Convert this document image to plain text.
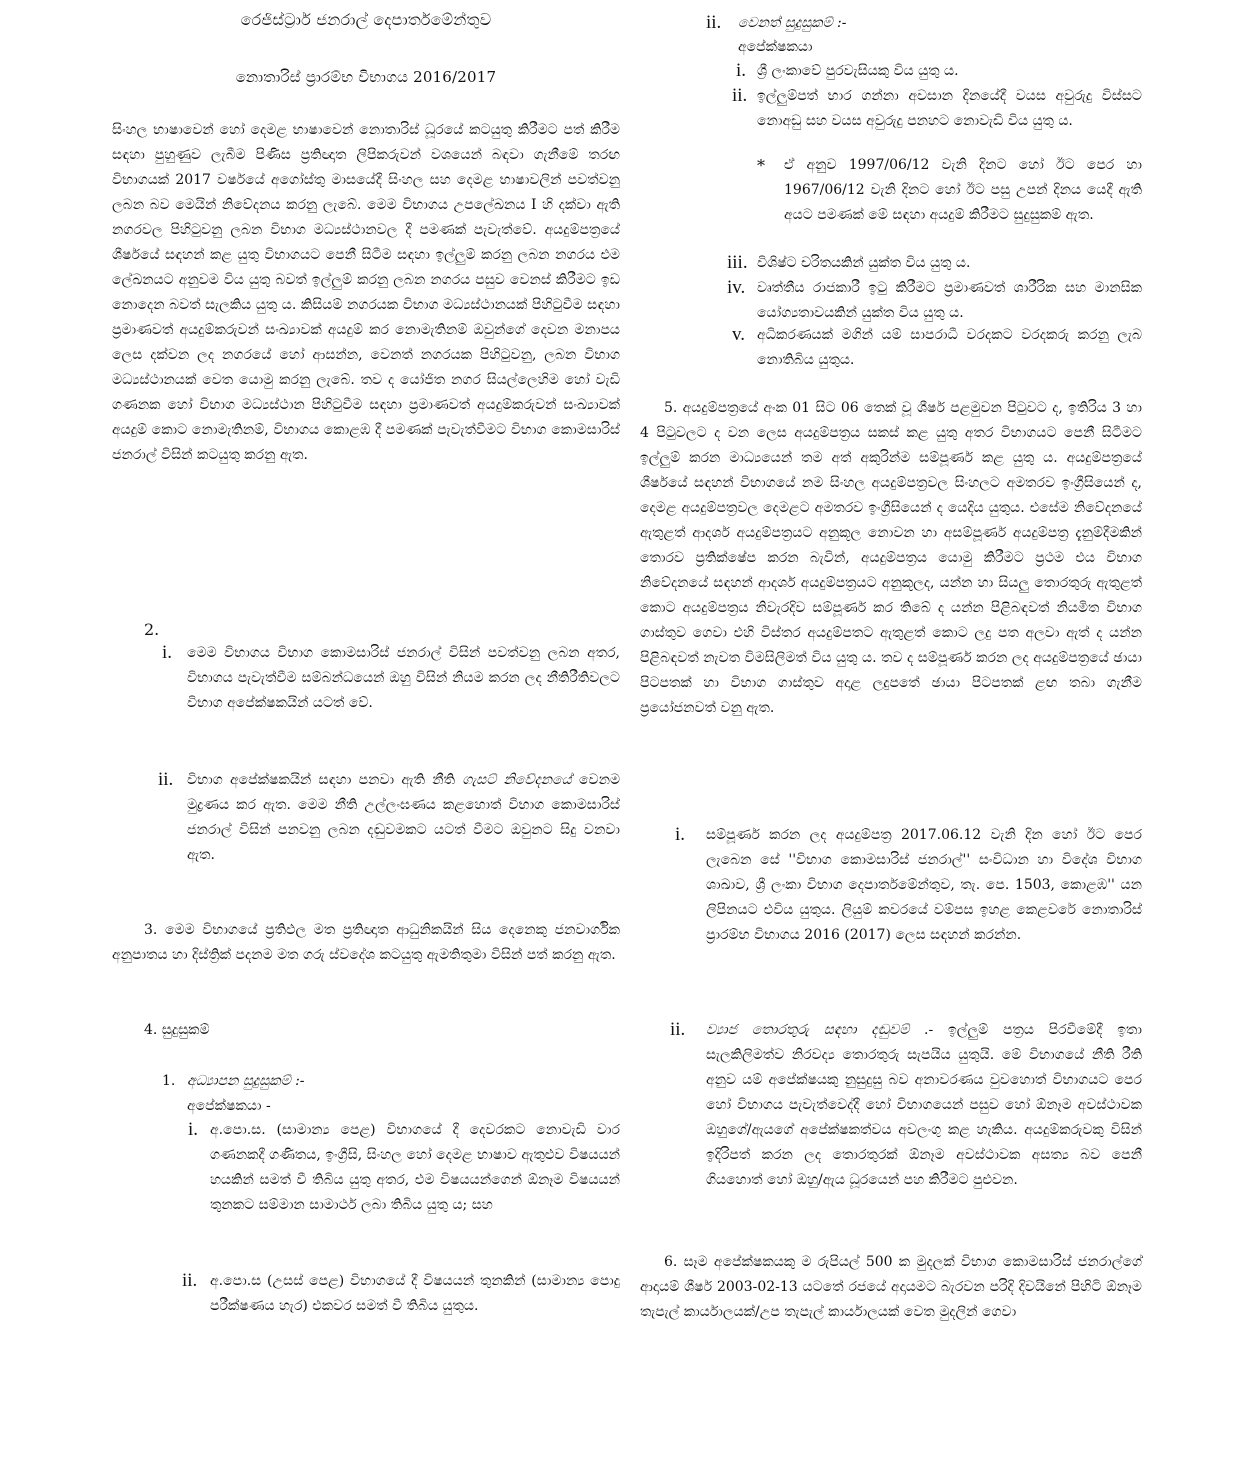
රෙජිස්ට්‍රාර් ජනරාල් දෙපාර්තමේන්තුව
නොතාරිස් ප්‍රාරම්භ විභාගය 2016/2017
සිංහල භාෂාවෙන් හෝ දෙමළ භාෂාවෙන් නොතාරිස් ධූරයේ කටයුතු කිරීමට පත් කිරීම සඳහා පුහුණුව ලැබීම පිණිස ප්‍රතිඥාත ලිපිකරුවන් වශයෙන් බඳවා ගැනීමේ තරඟ විභාගයක් 2017 වර්ෂයේ අගෝස්තු මාසයේදී සිංහල සහ දෙමළ භාෂාවලින් පවත්වනු ලබන බව මෙයින් නිවේදනය කරනු ලැබේ. මෙම විභාගය උපලේඛනය I හි දක්වා ඇති නගරවල පිහිටුවනු ලබන විභාග මධ්‍යස්ථානවල දී පමණක් පැවැත්වේ. අයදුම්පත්‍රයේ ශීර්ෂයේ සඳහන් කළ යුතු විභාගයට පෙනී සිටීම සඳහා ඉල්ලුම් කරනු ලබන නගරය එම ලේඛනයට අනුවම විය යුතු බවත් ඉල්ලුම් කරනු ලබන නගරය පසුව වෙනස් කිරීමට ඉඩ නොදෙන බවත් සැලකිය යුතු ය. කිසියම් නගරයක විභාග මධ්‍යස්ථානයක් පිහිටුවීම සඳහා ප්‍රමාණවත් අයදුම්කරුවන් සංඛ්‍යාවක් අයදුම් කර නොමැතිනම් ඔවුන්ගේ දෙවන මනාපය ලෙස දක්වන ලද නගරයේ හෝ ආසන්න, වෙනත් නගරයක පිහිටුවනු, ලබන විභාග මධ්‍යස්ථානයක් වෙත යොමු කරනු ලැබේ. තව ද යෝජිත නගර සියල්ලෙහිම හෝ වැඩි ගණනක හෝ විභාග මධ්‍යස්ථාන පිහිටුවීම සඳහා ප්‍රමාණවත් අයදුම්කරුවන් සංඛ්‍යාවක් අයදුම් කොට නොමැතිනම්, විභාගය කොළඹ දී පමණක් පැවැත්වීමට විභාග කොමසාරිස් ජනරාල් විසින් කටයුතු කරනු ඇත.
2.
i. මෙම විභාගය විභාග කොමසාරිස් ජනරාල් විසින් පවත්වනු ලබන අතර, විභාගය පැවැත්වීම සම්බන්ධයෙන් ඔහු විසින් නියම කරන ලද නීතිරීතිවලට විභාග අපේක්ෂකයින් යටත් වේ.
ii. විභාග අපේක්ෂකයින් සඳහා පනවා ඇති නීති ගැසට් නිවේදනයේ වෙනම මුද්‍රණය කර ඇත. මෙම නීති උල්ලංඝණය කළහොත් විභාග කොමසාරිස් ජනරාල් විසින් පනවනු ලබන දඬුවමකට යටත් වීමට ඔවුනට සිදු වනවා ඇත.
3. මෙම විභාගයේ ප්‍රතිඵල මත ප්‍රතිඥාත ආධුනිකයින් සිය දෙනෙකු ජනවාර්ගික අනුපාතය හා දිස්ත්‍රික් පදනම මත ගරු ස්වදේශ කටයුතු ඇමතිතුමා විසින් පත් කරනු ඇත.
4. සුදුසුකම්
1. අධ්‍යාපන සුදුසුකම් :-
අපේක්ෂකයා -
i. අ.පො.ස. (සාමාන්‍ය පෙළ) විභාගයේ දී දෙවරකට නොවැඩි වාර ගණනකදී ගණිතය, ඉංග්‍රීසි, සිංහල හෝ දෙමළ භාෂාව ඇතුළුව විෂයයන් හයකින් සමත් වී තිබිය යුතු අතර, එම විෂයයන්ගෙන් ඕනෑම විෂයයන් තුනකට සම්මාන සාමාර්ථ ලබා තිබිය යුතු ය; සහ
ii. අ.පො.ස (උසස් පෙළ) විභාගයේ දී විෂයයන් තුනකින් (සාමාන්‍ය පොදු පරීක්ෂණය හැර) එකවර සමත් වී තිබිය යුතුය.
ii. වෙනත් සුදුසුකම් :-
අපේක්ෂකයා
i. ශ්‍රී ලංකාවේ පුරවැසියකු විය යුතු ය.
ii. ඉල්ලුම්පත් භාර ගන්නා අවසාන දිනයේදී වයස අවුරුදු විස්සට නොඅඩු සහ වයස අවුරුදු පනහට නොවැඩි විය යුතු ය.
* ඒ අනුව 1997/06/12 වැනි දිනට හෝ ඊට පෙර හා 1967/06/12 වැනි දිනට හෝ ඊට පසු උපන් දිනය යෙදී ඇති අයට පමණක් මේ සඳහා අයදුම් කිරීමට සුදුසුකම් ඇත.
iii. විශිෂ්ට චරිතයකින් යුක්ත විය යුතු ය.
iv. වෘත්තීය රාජකාරී ඉටු කිරීමට ප්‍රමාණවත් ශාරීරික සහ මානසික යෝග්‍යතාවයකින් යුක්ත විය යුතු ය.
v. අධිකරණයක් මගින් යම් සාපරාධී වරදකට වරදකරු කරනු ලැබ නොතිබිය යුතුය.
5. අයදුම්පත්‍රයේ අංක 01 සිට 06 තෙක් වූ ශීර්ෂ පළමුවන පිටුවට ද, ඉතිරිය 3 හා 4 පිටුවලට ද වන ලෙස අයදුම්පත්‍රය සකස් කළ යුතු අතර විභාගයට පෙනී සිටීමට ඉල්ලුම් කරන මාධ්‍යයෙන් තම අත් අකුරින්ම සම්පූර්ණ කළ යුතු ය. අයදුම්පත්‍රයේ ශීර්ෂයේ සඳහන් විභාගයේ නම සිංහල අයදුම්පත්‍රවල සිංහලට අමතරව ඉංග්‍රීසියෙන් ද, දෙමළ අයදුම්පත්‍රවල දෙමළට අමතරව ඉංග්‍රීසියෙන් ද යෙදිය යුතුය. එසේම නිවේදනයේ ඇතුළත් ආදර්ශ අයදුම්පත්‍රයට අනුකූල නොවන හා අසම්පූර්ණ අයදුම්පත්‍ර දැනුම්දීමකින් තොරව ප්‍රතික්ෂේප කරන බැවින්, අයදුම්පත්‍රය යොමු කිරීමට ප්‍රථම එය විභාග නිවේදනයේ සඳහන් ආදර්ශ අයදුම්පත්‍රයට අනුකූලද, යන්න හා සියලු තොරතුරු ඇතුළත් කොට අයදුම්පත්‍රය නිවැරදිව සම්පූර්ණ කර තිබේ ද යන්න පිළිබඳවත් නියමිත විභාග ගාස්තුව ගෙවා එහි විස්තර අයදුම්පතට ඇතුළත් කොට ලදු පත අලවා ඇත් ද යන්න පිළිබඳවත් නැවත විමසිලිමත් විය යුතු ය. තව ද සම්පූර්ණ කරන ලද අයදුම්පත්‍රයේ ඡායා පිටපතක් හා විභාග ගාස්තුව අදාළ ලදුපතේ ඡායා පිටපතක් ළඟ තබා ගැනීම ප්‍රයෝජනවත් වනු ඇත.
i. සම්පූර්ණ කරන ලද අයදුම්පත්‍ර 2017.06.12 වැනි දින හෝ ඊට පෙර ලැබෙන සේ ''විභාග කොමසාරිස් ජනරාල්'' සංවිධාන හා විදේශ විභාග ශාඛාව, ශ්‍රී ලංකා විභාග දෙපාර්තමේන්තුව, තැ. පෙ. 1503, කොළඹ'' යන ලිපිනයට එවිය යුතුය. ලියුම් කවරයේ වම්පස ඉහළ කෙළවරේ නොතාරිස් ප්‍රාරම්භ විභාගය 2016 (2017) ලෙස සඳහන් කරන්න.
ii. ව්‍යාජ තොරතුරු සඳහා දඬුවම් .- ඉල්ලුම් පත්‍රය පිරවීමේදී ඉතා සැලකිලිමත්ව නිරවද්‍ය තොරතුරු සැපයිය යුතුයි. මේ විභාගයේ නීති රීති අනුව යම් අපේක්ෂයකු නුසුදුසු බව අනාවරණය වුවහොත් විභාගයට පෙර හෝ විභාගය පැවැත්වෙද්දී හෝ විභාගයෙන් පසුව හෝ ඕනෑම අවස්ථාවක ඔහුගේ/ඇයගේ අපේක්ෂකත්වය අවලංගු කළ හැකිය. අයදුම්කරුවකු විසින් ඉදිරිපත් කරන ලද තොරතුරක් ඕනෑම අවස්ථාවක අසත්‍ය බව පෙනී ගියහොත් හෝ ඔහු/ඇය ධූරයෙන් පහ කිරීමට පුළුවන.
6. සෑම අපේක්ෂකයකු ම රුපියල් 500 ක මුදලක් විභාග කොමසාරිස් ජනරාල්ගේ ආදායම් ශීර්ෂ 2003-02-13 යටතේ රජයේ අදායමට බැරවන පරිදි දිවයිනේ පිහිටි ඕනෑම තැපැල් කාර්යාලයක්/උප තැපැල් කාර්යාලයක් වෙත මුදලින් ගෙවා
